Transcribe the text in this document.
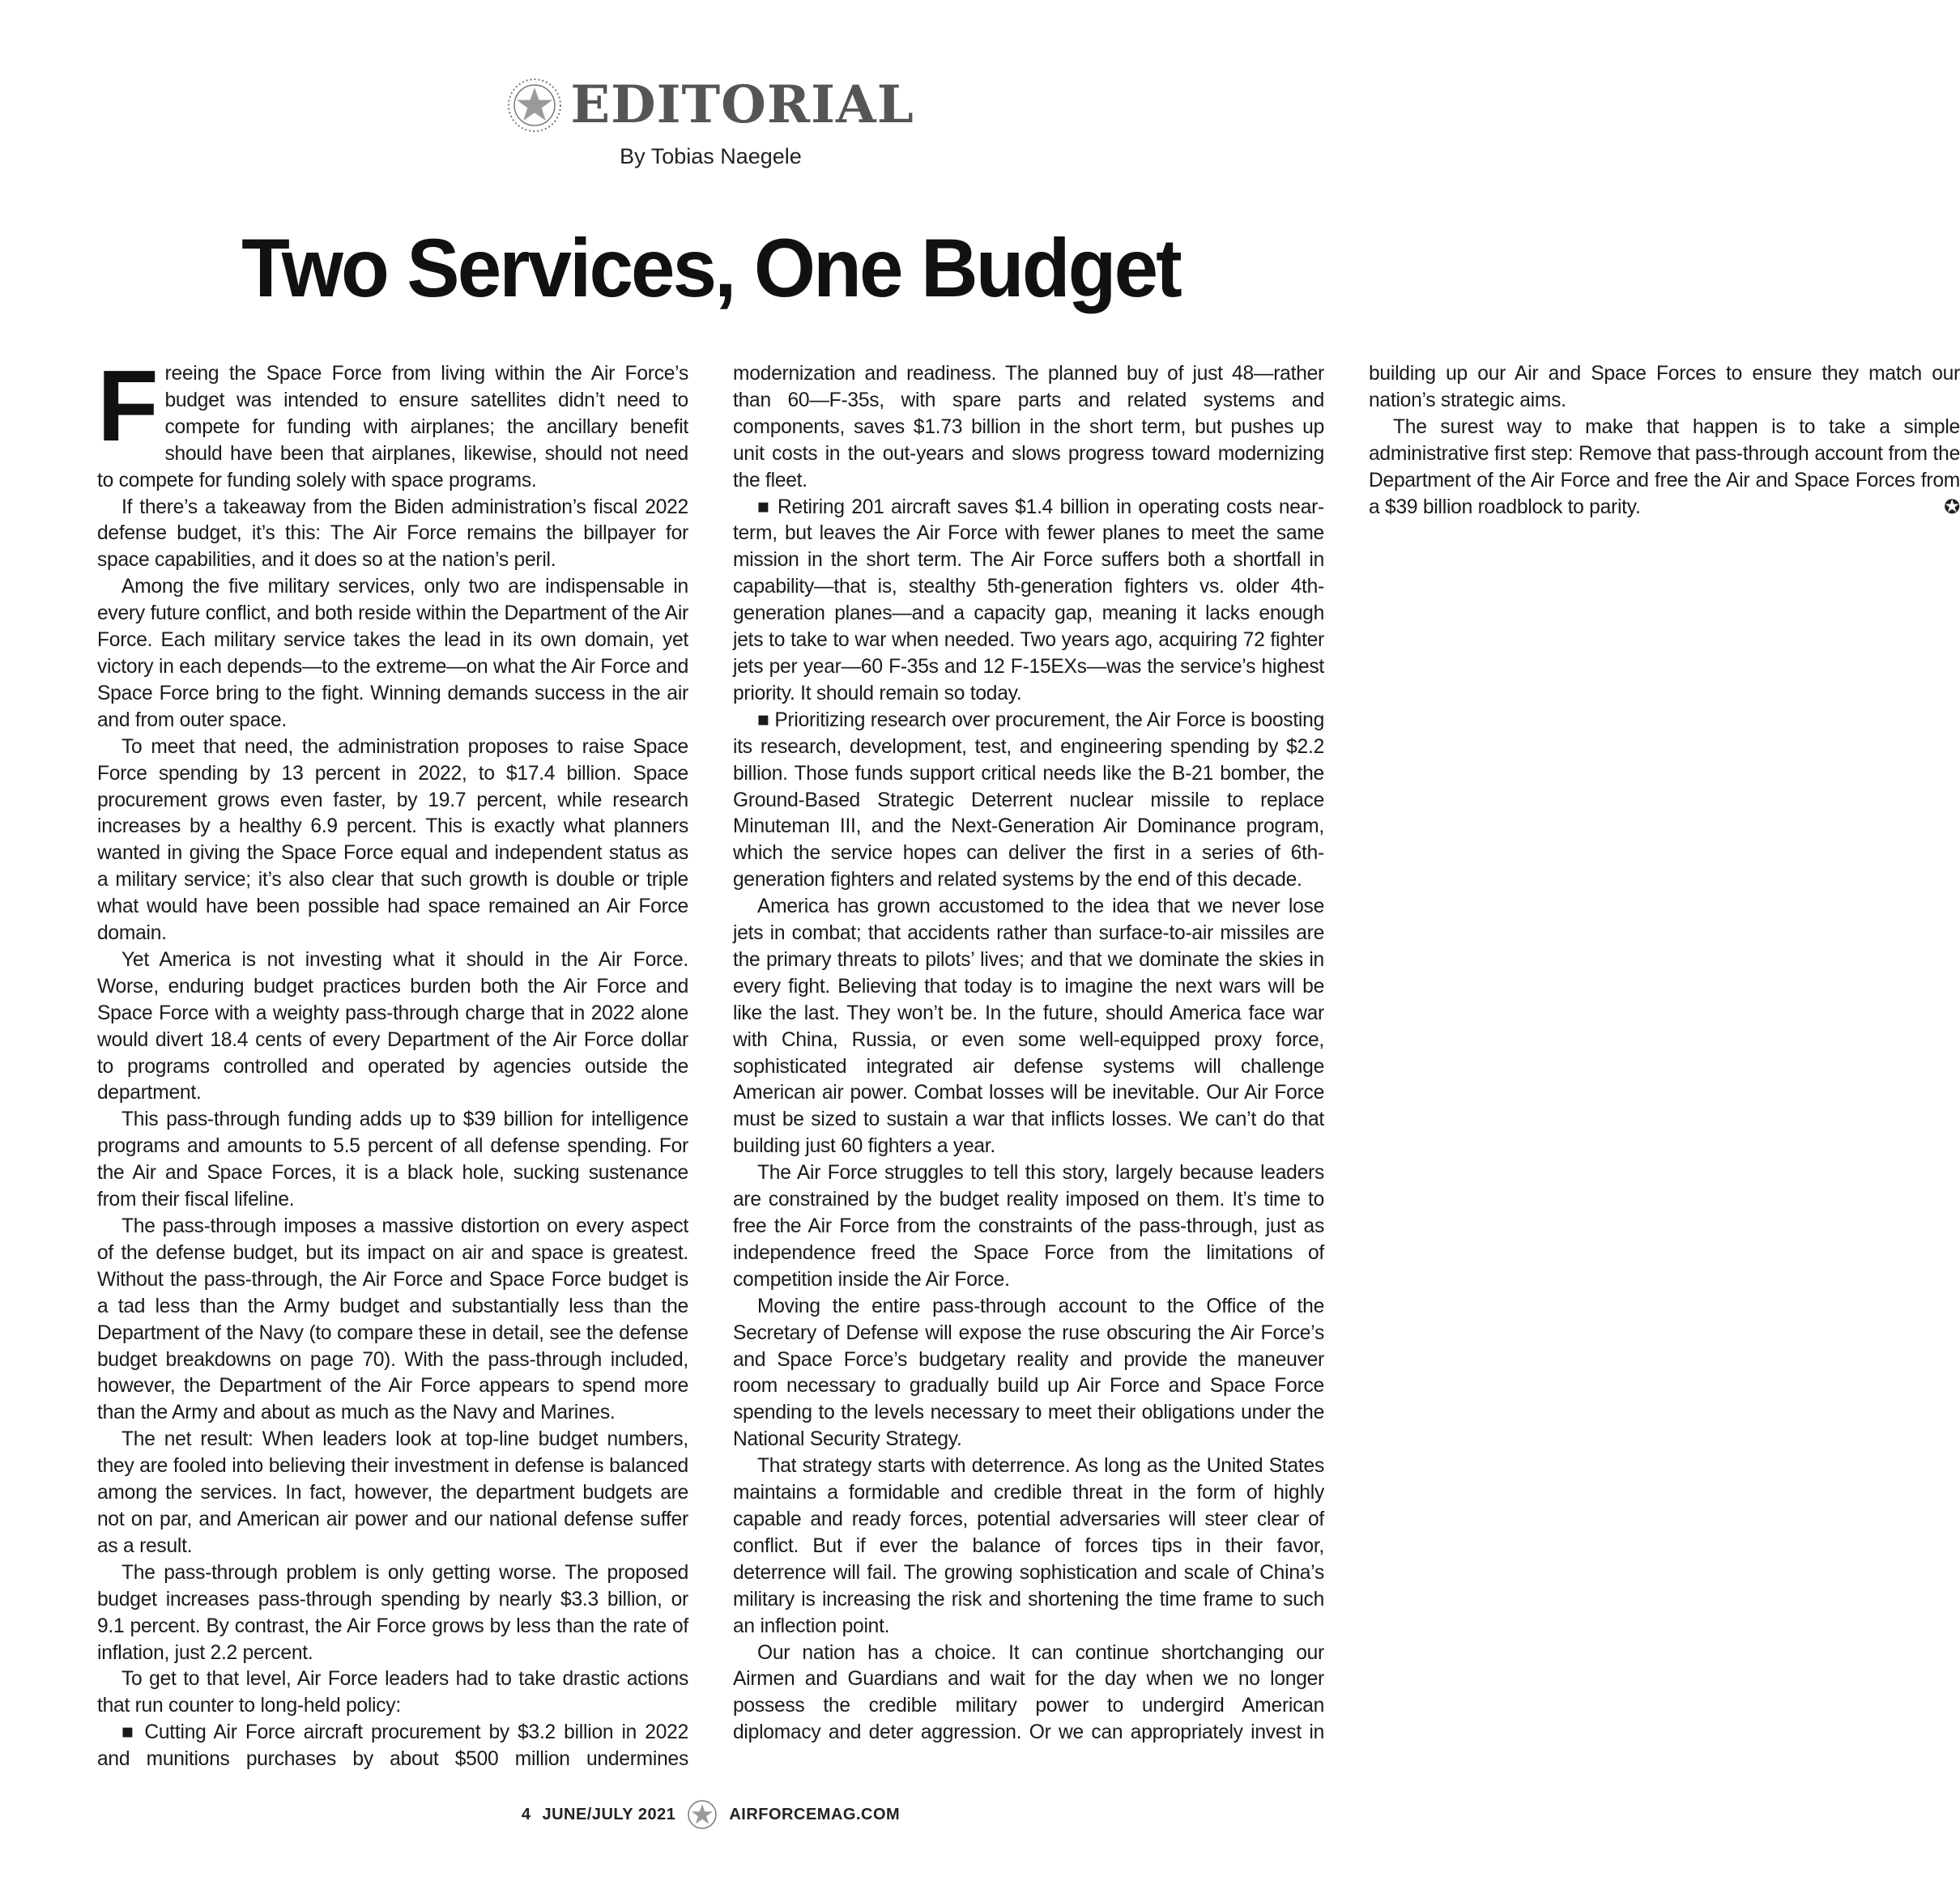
EDITORIAL
By Tobias Naegele
Two Services, One Budget

Freeing the Space Force from living within the Air Force’s budget was intended to ensure satellites didn’t need to compete for funding with airplanes; the ancillary benefit should have been that airplanes, likewise, should not need to compete for funding solely with space programs.

If there’s a takeaway from the Biden administration’s fiscal 2022 defense budget, it’s this: The Air Force remains the billpayer for space capabilities, and it does so at the nation’s peril.

Among the five military services, only two are indispensable in every future conflict, and both reside within the Department of the Air Force. Each military service takes the lead in its own domain, yet victory in each depends—to the extreme—on what the Air Force and Space Force bring to the fight. Winning demands success in the air and from outer space.

To meet that need, the administration proposes to raise Space Force spending by 13 percent in 2022, to $17.4 billion. Space procurement grows even faster, by 19.7 percent, while research increases by a healthy 6.9 percent. This is exactly what planners wanted in giving the Space Force equal and independent status as a military service; it’s also clear that such growth is double or triple what would have been possible had space remained an Air Force domain.

Yet America is not investing what it should in the Air Force. Worse, enduring budget practices burden both the Air Force and Space Force with a weighty pass-through charge that in 2022 alone would divert 18.4 cents of every Department of the Air Force dollar to programs controlled and operated by agencies outside the department.

This pass-through funding adds up to $39 billion for intelligence programs and amounts to 5.5 percent of all defense spending. For the Air and Space Forces, it is a black hole, sucking sustenance from their fiscal lifeline.

The pass-through imposes a massive distortion on every aspect of the defense budget, but its impact on air and space is greatest. Without the pass-through, the Air Force and Space Force budget is a tad less than the Army budget and substantially less than the Department of the Navy (to compare these in detail, see the defense budget breakdowns on page 70). With the pass-through included, however, the Department of the Air Force appears to spend more than the Army and about as much as the Navy and Marines.

The net result: When leaders look at top-line budget numbers, they are fooled into believing their investment in defense is balanced among the services. In fact, however, the department budgets are not on par, and American air power and our national defense suffer as a result.

The pass-through problem is only getting worse. The proposed budget increases pass-through spending by nearly $3.3 billion, or 9.1 percent. By contrast, the Air Force grows by less than the rate of inflation, just 2.2 percent.

To get to that level, Air Force leaders had to take drastic actions that run counter to long-held policy:

■ Cutting Air Force aircraft procurement by $3.2 billion in 2022 and munitions purchases by about $500 million undermines modernization and readiness. The planned buy of just 48—rather than 60—F-35s, with spare parts and related systems and components, saves $1.73 billion in the short term, but pushes up unit costs in the out-years and slows progress toward modernizing the fleet.

■ Retiring 201 aircraft saves $1.4 billion in operating costs near-term, but leaves the Air Force with fewer planes to meet the same mission in the short term. The Air Force suffers both a shortfall in capability—that is, stealthy 5th-generation fighters vs. older 4th-generation planes—and a capacity gap, meaning it lacks enough jets to take to war when needed. Two years ago, acquiring 72 fighter jets per year—60 F-35s and 12 F-15EXs—was the service’s highest priority. It should remain so today.

■ Prioritizing research over procurement, the Air Force is boosting its research, development, test, and engineering spending by $2.2 billion. Those funds support critical needs like the B-21 bomber, the Ground-Based Strategic Deterrent nuclear missile to replace Minuteman III, and the Next-Generation Air Dominance program, which the service hopes can deliver the first in a series of 6th-generation fighters and related systems by the end of this decade.

America has grown accustomed to the idea that we never lose jets in combat; that accidents rather than surface-to-air missiles are the primary threats to pilots’ lives; and that we dominate the skies in every fight. Believing that today is to imagine the next wars will be like the last. They won’t be. In the future, should America face war with China, Russia, or even some well-equipped proxy force, sophisticated integrated air defense systems will challenge American air power. Combat losses will be inevitable. Our Air Force must be sized to sustain a war that inflicts losses. We can’t do that building just 60 fighters a year.

The Air Force struggles to tell this story, largely because leaders are constrained by the budget reality imposed on them. It’s time to free the Air Force from the constraints of the pass-through, just as independence freed the Space Force from the limitations of competition inside the Air Force.

Moving the entire pass-through account to the Office of the Secretary of Defense will expose the ruse obscuring the Air Force’s and Space Force’s budgetary reality and provide the maneuver room necessary to gradually build up Air Force and Space Force spending to the levels necessary to meet their obligations under the National Security Strategy.

That strategy starts with deterrence. As long as the United States maintains a formidable and credible threat in the form of highly capable and ready forces, potential adversaries will steer clear of conflict. But if ever the balance of forces tips in their favor, deterrence will fail. The growing sophistication and scale of China’s military is increasing the risk and shortening the time frame to such an inflection point.

Our nation has a choice. It can continue shortchanging our Airmen and Guardians and wait for the day when we no longer possess the credible military power to undergird American diplomacy and deter aggression. Or we can appropriately invest in building up our Air and Space Forces to ensure they match our nation’s strategic aims.

The surest way to make that happen is to take a simple administrative first step: Remove that pass-through account from the Department of the Air Force and free the Air and Space Forces from a $39 billion roadblock to parity.	✪

4 JUNE/JULY 2021	AIRFORCEMAG.COM
